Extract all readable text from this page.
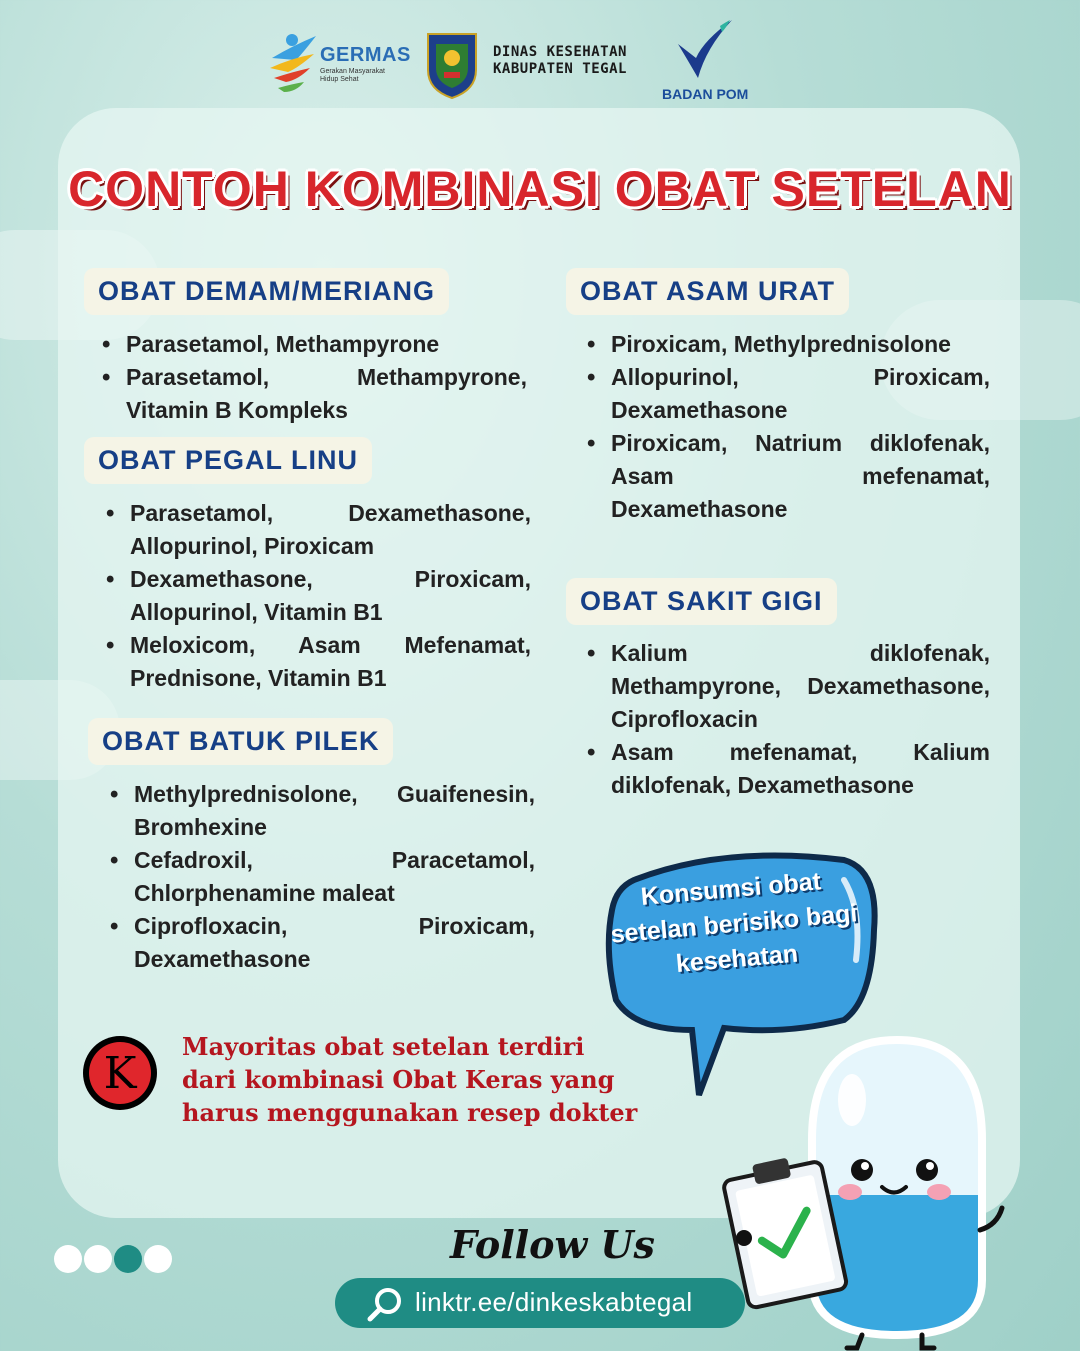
GERMAS
Gerakan Masyarakat Hidup Sehat
DINAS KESEHATAN
KABUPATEN TEGAL
BADAN POM
CONTOH KOMBINASI OBAT SETELAN
OBAT DEMAM/MERIANG
• Parasetamol, Methampyrone
• Parasetamol, Methampyrone, Vitamin B Kompleks
OBAT PEGAL LINU
• Parasetamol, Dexamethasone, Allopurinol, Piroxicam
• Dexamethasone, Piroxicam, Allopurinol, Vitamin B1
• Meloxicom, Asam Mefenamat, Prednisone, Vitamin B1
OBAT BATUK PILEK
• Methylprednisolone, Guaifenesin, Bromhexine
• Cefadroxil, Paracetamol, Chlorphenamine maleat
• Ciprofloxacin, Piroxicam, Dexamethasone
OBAT ASAM URAT
• Piroxicam, Methylprednisolone
• Allopurinol, Piroxicam, Dexamethasone
• Piroxicam, Natrium diklofenak, Asam mefenamat, Dexamethasone
OBAT SAKIT GIGI
• Kalium diklofenak, Methampyrone, Dexamethasone, Ciprofloxacin
• Asam mefenamat, Kalium diklofenak, Dexamethasone
Konsumsi obat setelan berisiko bagi kesehatan
K
Mayoritas obat setelan terdiri
dari kombinasi Obat Keras yang
harus menggunakan resep dokter
Follow Us
linktr.ee/dinkeskabtegal
